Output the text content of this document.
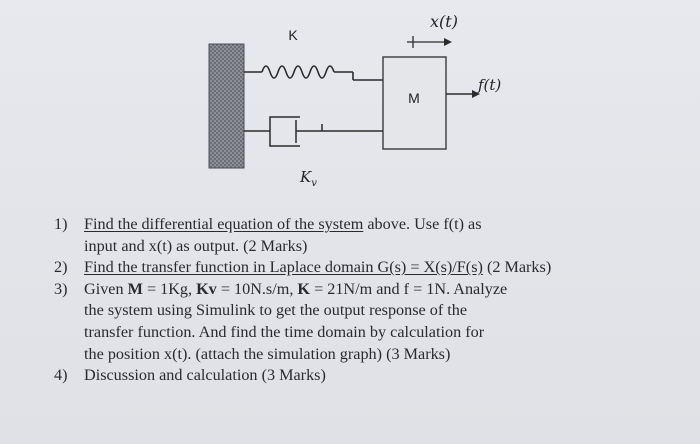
K
$K_v$
M
x(t)
f(t)
1) Find the differential equation of the system above. Use f(t) as
input and x(t) as output. (2 Marks)
2) Find the transfer function in Laplace domain G(s) = X(s)/F(s) (2 Marks)
3) Given M = 1Kg, Kv = 10N.s/m, K = 21N/m and f = 1N. Analyze
the system using Simulink to get the output response of the
transfer function. And find the time domain by calculation for
the position x(t). (attach the simulation graph) (3 Marks)
4) Discussion and calculation (3 Marks)
